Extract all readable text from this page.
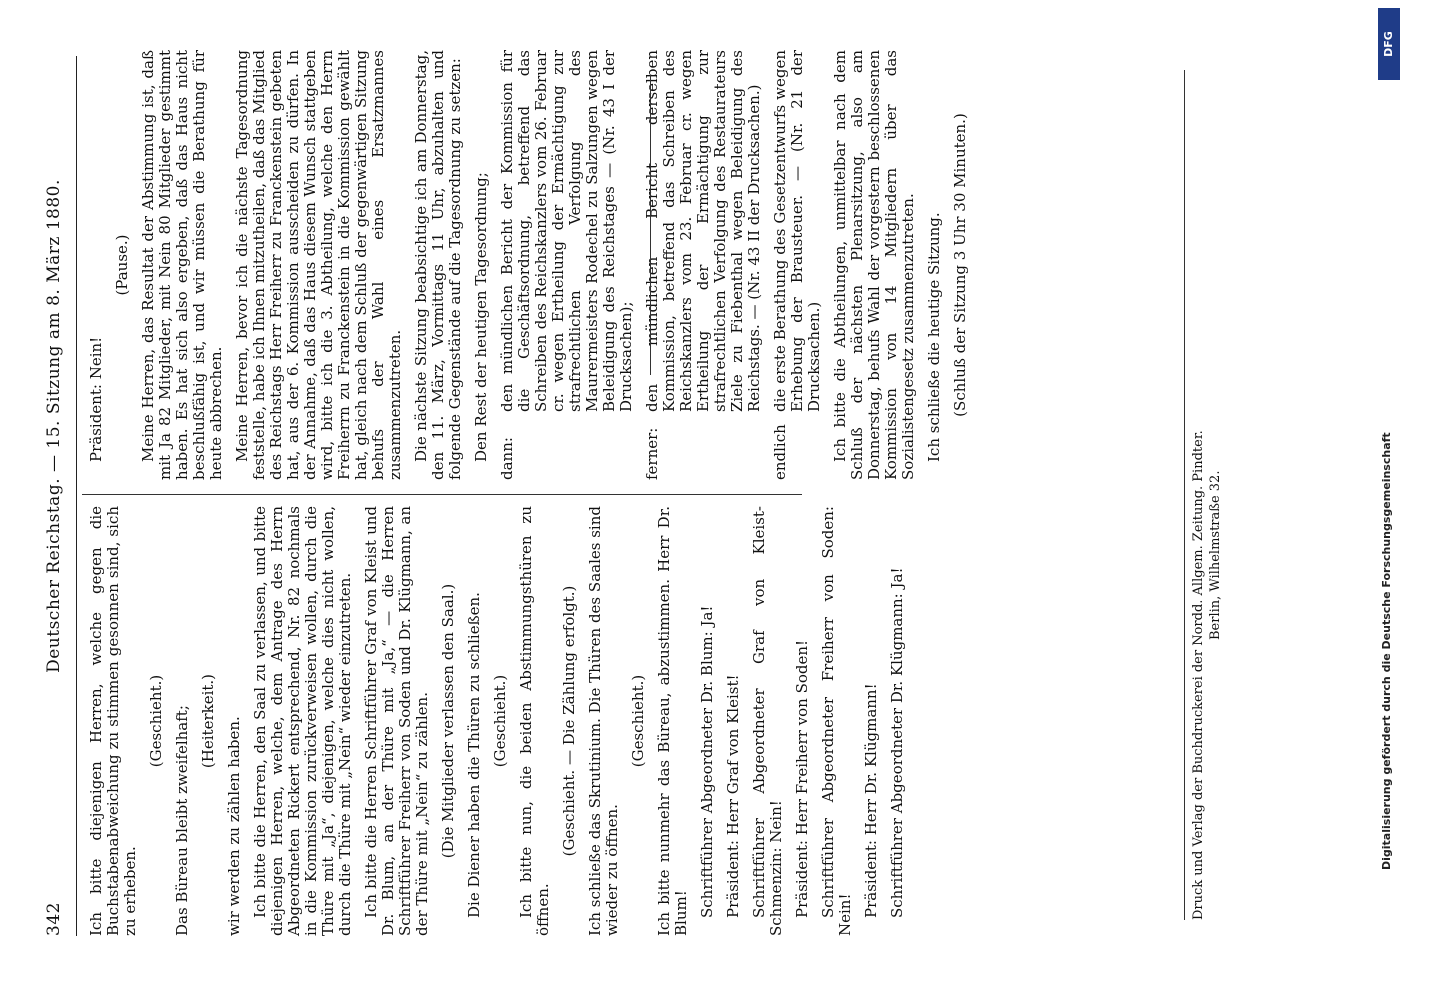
342
Deutscher Reichstag. — 15. Sitzung am 8. März 1880.

Ich bitte diejenigen Herren, welche gegen die Buchstabenabweichung zu stimmen gesonnen sind, sich zu erheben.

(Geschieht.) Das Büreau bleibt zweifelhaft; (Heiterkeit.) wir werden zu zählen haben. Ich bitte die Herren, den Saal zu verlassen, und bitte diejenigen Herren, welche, dem Antrage des Herrn Abgeordneten Rickert entsprechend, Nr. 82 nochmals in die Kommission zurückverweisen wollen, durch die Thüre mit „Ja“, diejenigen, welche dies nicht wollen, durch die Thüre mit „Nein“ wieder einzutreten. Ich bitte die Herren Schriftführer Graf von Kleist und Dr. Blum, an der Thüre mit „Ja,“ — die Herren Schriftführer Freiherr von Soden und Dr. Klügmann, an der Thüre mit „Nein“ zu zählen. (Die Mitglieder verlassen den Saal.) Die Diener haben die Thüren zu schließen. (Geschieht.) Ich bitte nun, die beiden Abstimmungsthüren zu öffnen.

(Geschieht. — Die Zählung erfolgt.) Ich schließe das Skrutinium. Die Thüren des Saales sind wieder zu öffnen.

(Geschieht.) Ich bitte nunmehr das Büreau, abzustimmen. Herr Dr. Blum! Schriftführer Abgeordneter Dr. Blum: Ja! Präsident: Herr Graf von Kleist! Schriftführer Abgeordneter Graf von Kleist-Schmenzin: Nein! Präsident: Herr Freiherr von Soden! Schriftführer Abgeordneter Freiherr von Soden: Nein! Präsident: Herr Dr. Klügmann! Schriftführer Abgeordneter Dr. Klügmann: Ja!

Präsident: Nein!

(Pause.) Meine Herren, das Resultat der Abstimmung ist, daß mit Ja 82 Mitglieder, mit Nein 80 Mitglieder gestimmt haben. Es hat sich also ergeben, daß das Haus nicht beschlußfähig ist, und wir müssen die Berathung für heute abbrechen. Meine Herren, bevor ich die nächste Tagesordnung feststelle, habe ich Ihnen mitzutheilen, daß das Mitglied des Reichstags Herr Freiherr zu Franckenstein gebeten hat, aus der 6. Kommission ausscheiden zu dürfen. In der Annahme, daß das Haus diesem Wunsch stattgeben wird, bitte ich die 3. Abtheilung, welche den Herrn Freiherrn zu Franckenstein in die Kommission gewählt hat, gleich nach dem Schluß der gegenwärtigen Sitzung behufs der Wahl eines Ersatzmannes zusammenzutreten. Die nächste Sitzung beabsichtige ich am Donnerstag, den 11. März, Vormittags 11 Uhr, abzuhalten und folgende Gegenstände auf die Tagesordnung zu setzen: Den Rest der heutigen Tagesordnung; dann:
den mündlichen Bericht der Kommission für die Geschäftsordnung, betreffend das Schreiben des Reichskanzlers vom 26. Februar cr. wegen Ertheilung der Ermächtigung zur strafrechtlichen Verfolgung des Maurermeisters Rodechel zu Salzungen wegen Beleidigung des Reichstages — (Nr. 43 I der Drucksachen);
ferner:
den mündlichen Bericht derselben Kommission, betreffend das Schreiben des Reichskanzlers vom 23. Februar cr. wegen Ertheilung der Ermächtigung zur strafrechtlichen Verfolgung des Restaurateurs Ziele zu Fiebenthal wegen Beleidigung des Reichstags. — (Nr. 43 II der Drucksachen.)
endlich
die erste Berathung des Gesetzentwurfs wegen Erhebung der Brausteuer. — (Nr. 21 der Drucksachen.) Ich bitte die Abtheilungen, unmittelbar nach dem Schluß der nächsten Plenarsitzung, also am Donnerstag, behufs Wahl der vorgestern beschlossenen Kommission von 14 Mitgliedern über das Sozialistengesetz zusammenzutreten. Ich schließe die heutige Sitzung. (Schluß der Sitzung 3 Uhr 30 Minuten.)

Druck und Verlag der Buchdruckerei der Nordd. Allgem. Zeitung. Pindter. Berlin, Wilhelmstraße 32.	Digitalisierung gefördert durch die Deutsche Forschungsgemeinschaft
DFG
